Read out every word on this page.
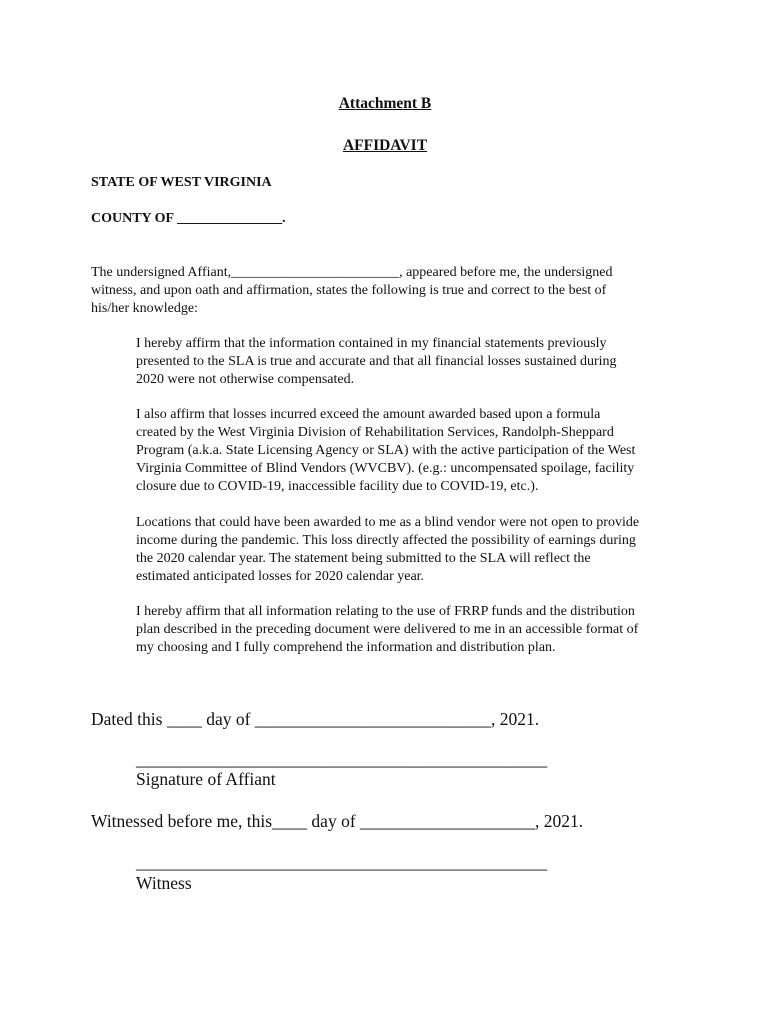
Attachment B
AFFIDAVIT
STATE OF WEST VIRGINIA
COUNTY OF _______________.
The undersigned Affiant,________________________, appeared before me, the undersigned
witness, and upon oath and affirmation, states the following is true and correct to the best of
his/her knowledge:
I hereby affirm that the information contained in my financial statements previously
presented to the SLA is true and accurate and that all financial losses sustained during
2020 were not otherwise compensated.
I also affirm that losses incurred exceed the amount awarded based upon a formula
created by the West Virginia Division of Rehabilitation Services, Randolph-Sheppard
Program (a.k.a. State Licensing Agency or SLA) with the active participation of the West
Virginia Committee of Blind Vendors (WVCBV). (e.g.: uncompensated spoilage, facility
closure due to COVID-19, inaccessible facility due to COVID-19, etc.).
Locations that could have been awarded to me as a blind vendor were not open to provide
income during the pandemic. This loss directly affected the possibility of earnings during
the 2020 calendar year. The statement being submitted to the SLA will reflect the
estimated anticipated losses for 2020 calendar year.
I hereby affirm that all information relating to the use of FRRP funds and the distribution
plan described in the preceding document were delivered to me in an accessible format of
my choosing and I fully comprehend the information and distribution plan.
Dated this ____ day of ___________________________, 2021.
_______________________________________________
Signature of Affiant
Witnessed before me, this____ day of ____________________, 2021.
_______________________________________________
Witness
